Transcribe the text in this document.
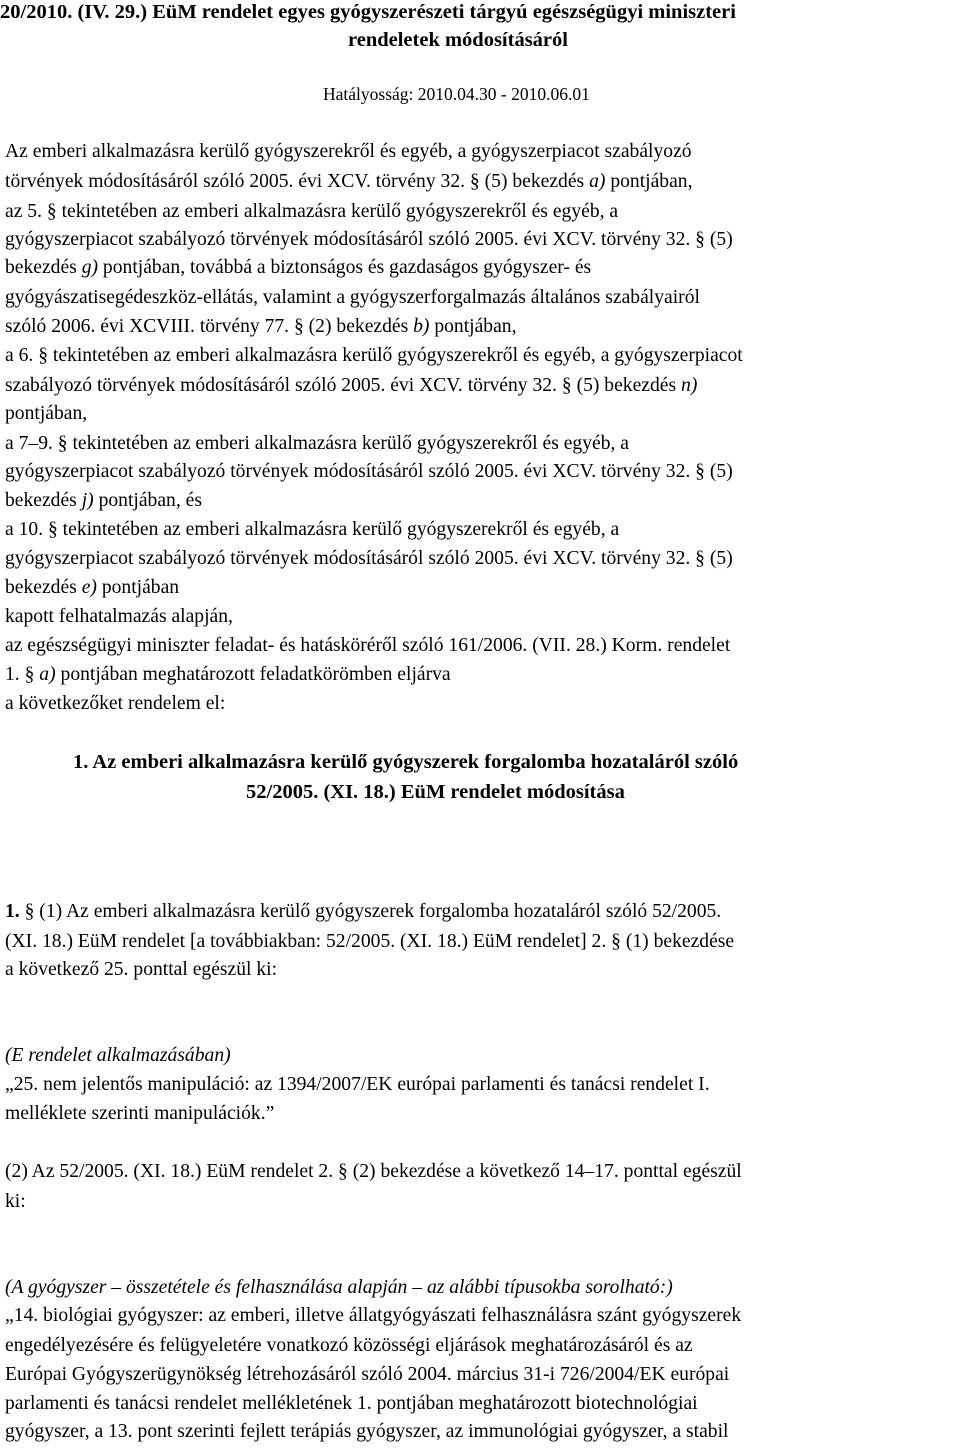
20/2010. (IV. 29.) EüM rendelet egyes gyógyszerészeti tárgyú egészségügyi miniszteri
rendeletek módosításáról
Hatályosság: 2010.04.30 - 2010.06.01
Az emberi alkalmazásra kerülő gyógyszerekről és egyéb, a gyógyszerpiacot szabályozó
törvények módosításáról szóló 2005. évi XCV. törvény 32. § (5) bekezdés a) pontjában,
az 5. § tekintetében az emberi alkalmazásra kerülő gyógyszerekről és egyéb, a
gyógyszerpiacot szabályozó törvények módosításáról szóló 2005. évi XCV. törvény 32. § (5)
bekezdés g) pontjában, továbbá a biztonságos és gazdaságos gyógyszer- és
gyógyászatisegédeszköz-ellátás, valamint a gyógyszerforgalmazás általános szabályairól
szóló 2006. évi XCVIII. törvény 77. § (2) bekezdés b) pontjában,
a 6. § tekintetében az emberi alkalmazásra kerülő gyógyszerekről és egyéb, a gyógyszerpiacot
szabályozó törvények módosításáról szóló 2005. évi XCV. törvény 32. § (5) bekezdés n)
pontjában,
a 7–9. § tekintetében az emberi alkalmazásra kerülő gyógyszerekről és egyéb, a
gyógyszerpiacot szabályozó törvények módosításáról szóló 2005. évi XCV. törvény 32. § (5)
bekezdés j) pontjában, és
a 10. § tekintetében az emberi alkalmazásra kerülő gyógyszerekről és egyéb, a
gyógyszerpiacot szabályozó törvények módosításáról szóló 2005. évi XCV. törvény 32. § (5)
bekezdés e) pontjában
kapott felhatalmazás alapján,
az egészségügyi miniszter feladat- és hatásköréről szóló 161/2006. (VII. 28.) Korm. rendelet
1. § a) pontjában meghatározott feladatkörömben eljárva
a következőket rendelem el:
1. Az emberi alkalmazásra kerülő gyógyszerek forgalomba hozataláról szóló
52/2005. (XI. 18.) EüM rendelet módosítása
1. § (1) Az emberi alkalmazásra kerülő gyógyszerek forgalomba hozataláról szóló 52/2005.
(XI. 18.) EüM rendelet [a továbbiakban: 52/2005. (XI. 18.) EüM rendelet] 2. § (1) bekezdése
a következő 25. ponttal egészül ki:
(E rendelet alkalmazásában)
„25. nem jelentős manipuláció: az 1394/2007/EK európai parlamenti és tanácsi rendelet I.
melléklete szerinti manipulációk.”
(2) Az 52/2005. (XI. 18.) EüM rendelet 2. § (2) bekezdése a következő 14–17. ponttal egészül
ki:
(A gyógyszer – összetétele és felhasználása alapján – az alábbi típusokba sorolható:)
„14. biológiai gyógyszer: az emberi, illetve állatgyógyászati felhasználásra szánt gyógyszerek
engedélyezésére és felügyeletére vonatkozó közösségi eljárások meghatározásáról és az
Európai Gyógyszerügynökség létrehozásáról szóló 2004. március 31-i 726/2004/EK európai
parlamenti és tanácsi rendelet mellékletének 1. pontjában meghatározott biotechnológiai
gyógyszer, a 13. pont szerinti fejlett terápiás gyógyszer, az immunológiai gyógyszer, a stabil
